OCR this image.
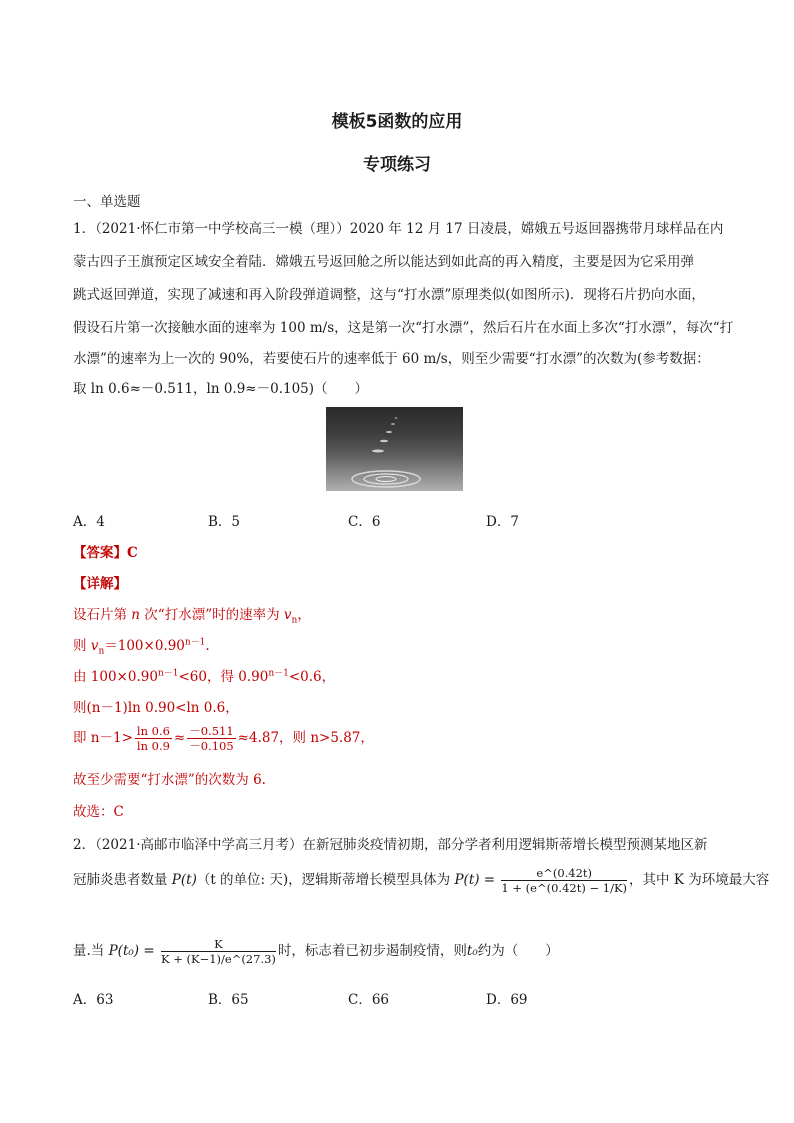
模板5函数的应用
专项练习
一、单选题
1．（2021·怀仁市第一中学校高三一模（理））2020 年 12 月 17 日凌晨，嫦娥五号返回器携带月球样品在内
蒙古四子王旗预定区域安全着陆．嫦娥五号返回舱之所以能达到如此高的再入精度，主要是因为它采用弹
跳式返回弹道，实现了减速和再入阶段弹道调整，这与“打水漂”原理类似(如图所示)．现将石片扔向水面，
假设石片第一次接触水面的速率为 100 m/s，这是第一次“打水漂”，然后石片在水面上多次“打水漂”，每次“打
水漂”的速率为上一次的 90%，若要使石片的速率低于 60 m/s，则至少需要“打水漂”的次数为(参考数据：
取 ln 0.6≈－0.511，ln 0.9≈－0.105)（　　）
A．4	B．5	C．6	D．7
【答案】C
【详解】
设石片第 n 次“打水漂”时的速率为 $v_n$，
则 $v_n=100\times 0.90^{n-1}$.
由 $100\times 0.90^{n-1}<60$，得 $0.90^{n-1}<0.6$，
则(n－1)ln 0.90<ln 0.6，
即 $n-1> \frac{\ln 0.6}{\ln 0.9} \approx \frac{-0.511}{-0.105} \approx 4.87$，则 n>5.87，
故至少需要“打水漂”的次数为 6.
故选：C
2．（2021·高邮市临泽中学高三月考）在新冠肺炎疫情初期，部分学者利用逻辑斯蒂增长模型预测某地区新
冠肺炎患者数量 P(t)（t 的单位: 天)，逻辑斯蒂增长模型具体为 $P(t) = \frac{e\^{}(0.42t)}{1 + (e\^{}(0.42t) - 1/K)}$ ，其中 K 为环境最大容
量.当 $P(t_0) = \frac{K}{K + (K-1)/e\^{}(27.3)}$ 时，标志着已初步遏制疫情，则t₀约为（　　）
A．63	B．65	C．66	D．69
